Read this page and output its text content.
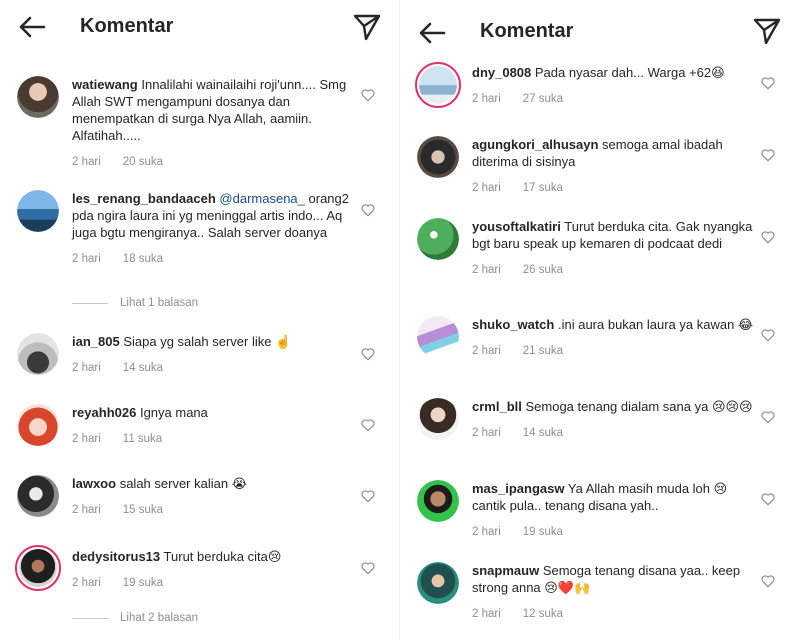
Komentar
watiewang Innalilahi wainailaihi roji'unn.... Smg Allah SWT mengampuni dosanya dan menempatkan di surga Nya Allah, aamiin. Alfatihah.....
2 hari 20 suka
les_renang_bandaaceh @darmasena_ orang2 pda ngira laura ini yg meninggal artis indo... Aq juga bgtu mengiranya.. Salah server doanya
2 hari 18 suka
Lihat 1 balasan
ian_805 Siapa yg salah server like ☝️
2 hari 14 suka
reyahh026 Ignya mana
2 hari 11 suka
lawxoo salah server kalian 😭
2 hari 15 suka
dedysitorus13 Turut berduka cita😢
2 hari 19 suka
Lihat 2 balasan
Komentar
dny_0808 Pada nyasar dah... Warga +62😆
2 hari 27 suka
agungkori_alhusayn semoga amal ibadah diterima di sisinya
2 hari 17 suka
yousoftalkatiri Turut berduka cita. Gak nyangka bgt baru speak up kemaren di podcaat dedi
2 hari 26 suka
shuko_watch .ini aura bukan laura ya kawan 😂
2 hari 21 suka
crml_bll Semoga tenang dialam sana ya 😢😢😢
2 hari 14 suka
mas_ipangasw Ya Allah masih muda loh 😢 cantik pula.. tenang disana yah..
2 hari 19 suka
snapmauw Semoga tenang disana yaa.. keep strong anna 😢❤️🙌
2 hari 12 suka
